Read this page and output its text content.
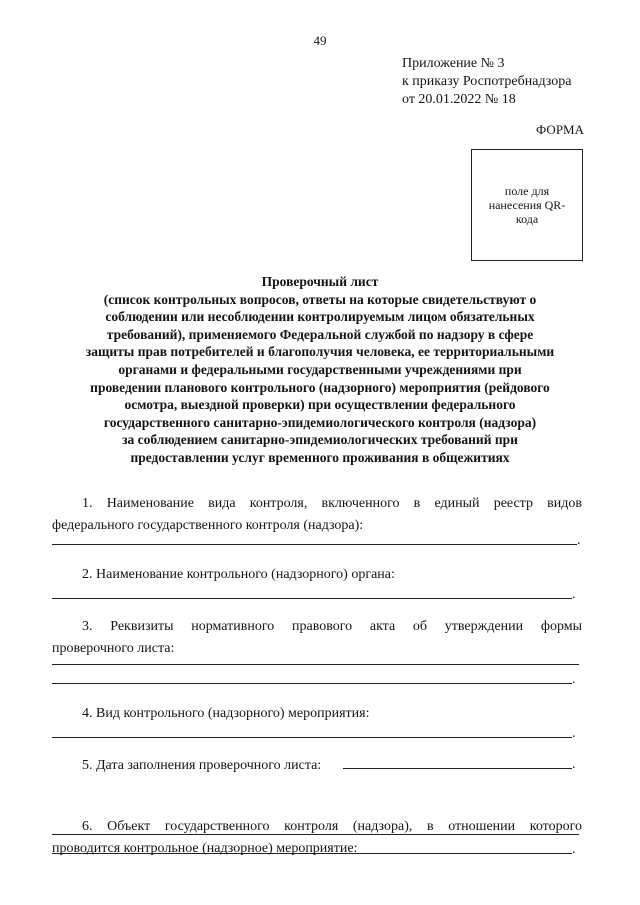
49
Приложение № 3
к приказу Роспотребнадзора
от 20.01.2022 № 18
ФОРМА
поле для нанесения QR-кода
Проверочный лист
(список контрольных вопросов, ответы на которые свидетельствуют о
соблюдении или несоблюдении контролируемым лицом обязательных
требований), применяемого Федеральной службой по надзору в сфере
защиты прав потребителей и благополучия человека, ее территориальными
органами и федеральными государственными учреждениями при
проведении планового контрольного (надзорного) мероприятия (рейдового
осмотра, выездной проверки) при осуществлении федерального
государственного санитарно-эпидемиологического контроля (надзора)
за соблюдением санитарно-эпидемиологических требований при
предоставлении услуг временного проживания в общежитиях
1. Наименование вида контроля, включенного в единый реестр видов
федерального государственного контроля (надзора):
.
2. Наименование контрольного (надзорного) органа:
.
3. Реквизиты нормативного правового акта об утверждении формы
проверочного листа:
.
4. Вид контрольного (надзорного) мероприятия:
.
5. Дата заполнения проверочного листа:	.
6. Объект государственного контроля (надзора), в отношении которого
проводится контрольное (надзорное) мероприятие:	.
